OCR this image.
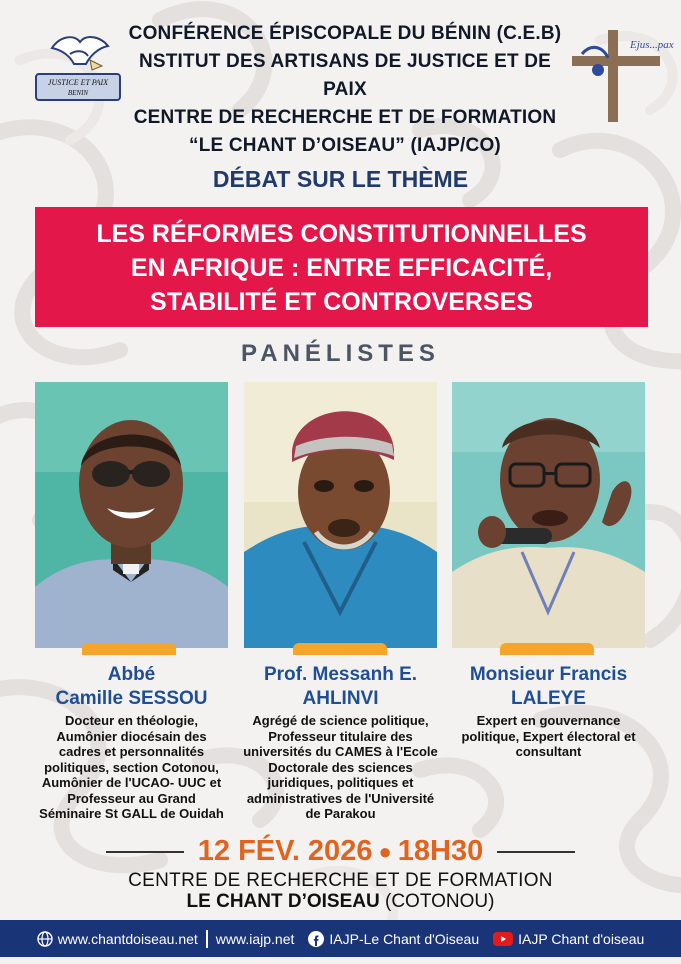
JUSTICE ET PAIX
BENIN
Ejus...pax
CONFÉRENCE ÉPISCOPALE DU BÉNIN (C.E.B)
NSTITUT DES ARTISANS DE JUSTICE ET DE PAIX
CENTRE DE RECHERCHE ET DE FORMATION
“LE CHANT D’OISEAU” (IAJP/CO)
DÉBAT SUR LE THÈME
LES RÉFORMES CONSTITUTIONNELLES
EN AFRIQUE : ENTRE EFFICACITÉ,
STABILITÉ ET CONTROVERSES
PANÉLISTES
Abbé
Camille SESSOU
Prof. Messanh E.
AHLINVI
Monsieur Francis
LALEYE
Docteur en théologie, Aumônier diocésain des cadres et personnalités politiques, section Cotonou, Aumônier de l'UCAO- UUC et Professeur au Grand Séminaire St GALL de Ouidah
Agrégé de science politique, Professeur titulaire des universités du CAMES à l'Ecole Doctorale des sciences juridiques, politiques et administratives de l'Université de Parakou
Expert en gouvernance politique, Expert électoral et consultant
12 FÉV. 2026 ● 18H30
CENTRE DE RECHERCHE ET DE FORMATION
LE CHANT D’OISEAU (COTONOU)
www.chantdoiseau.net www.iajp.net	IAJP-Le Chant d'Oiseau	IAJP Chant d'oiseau
